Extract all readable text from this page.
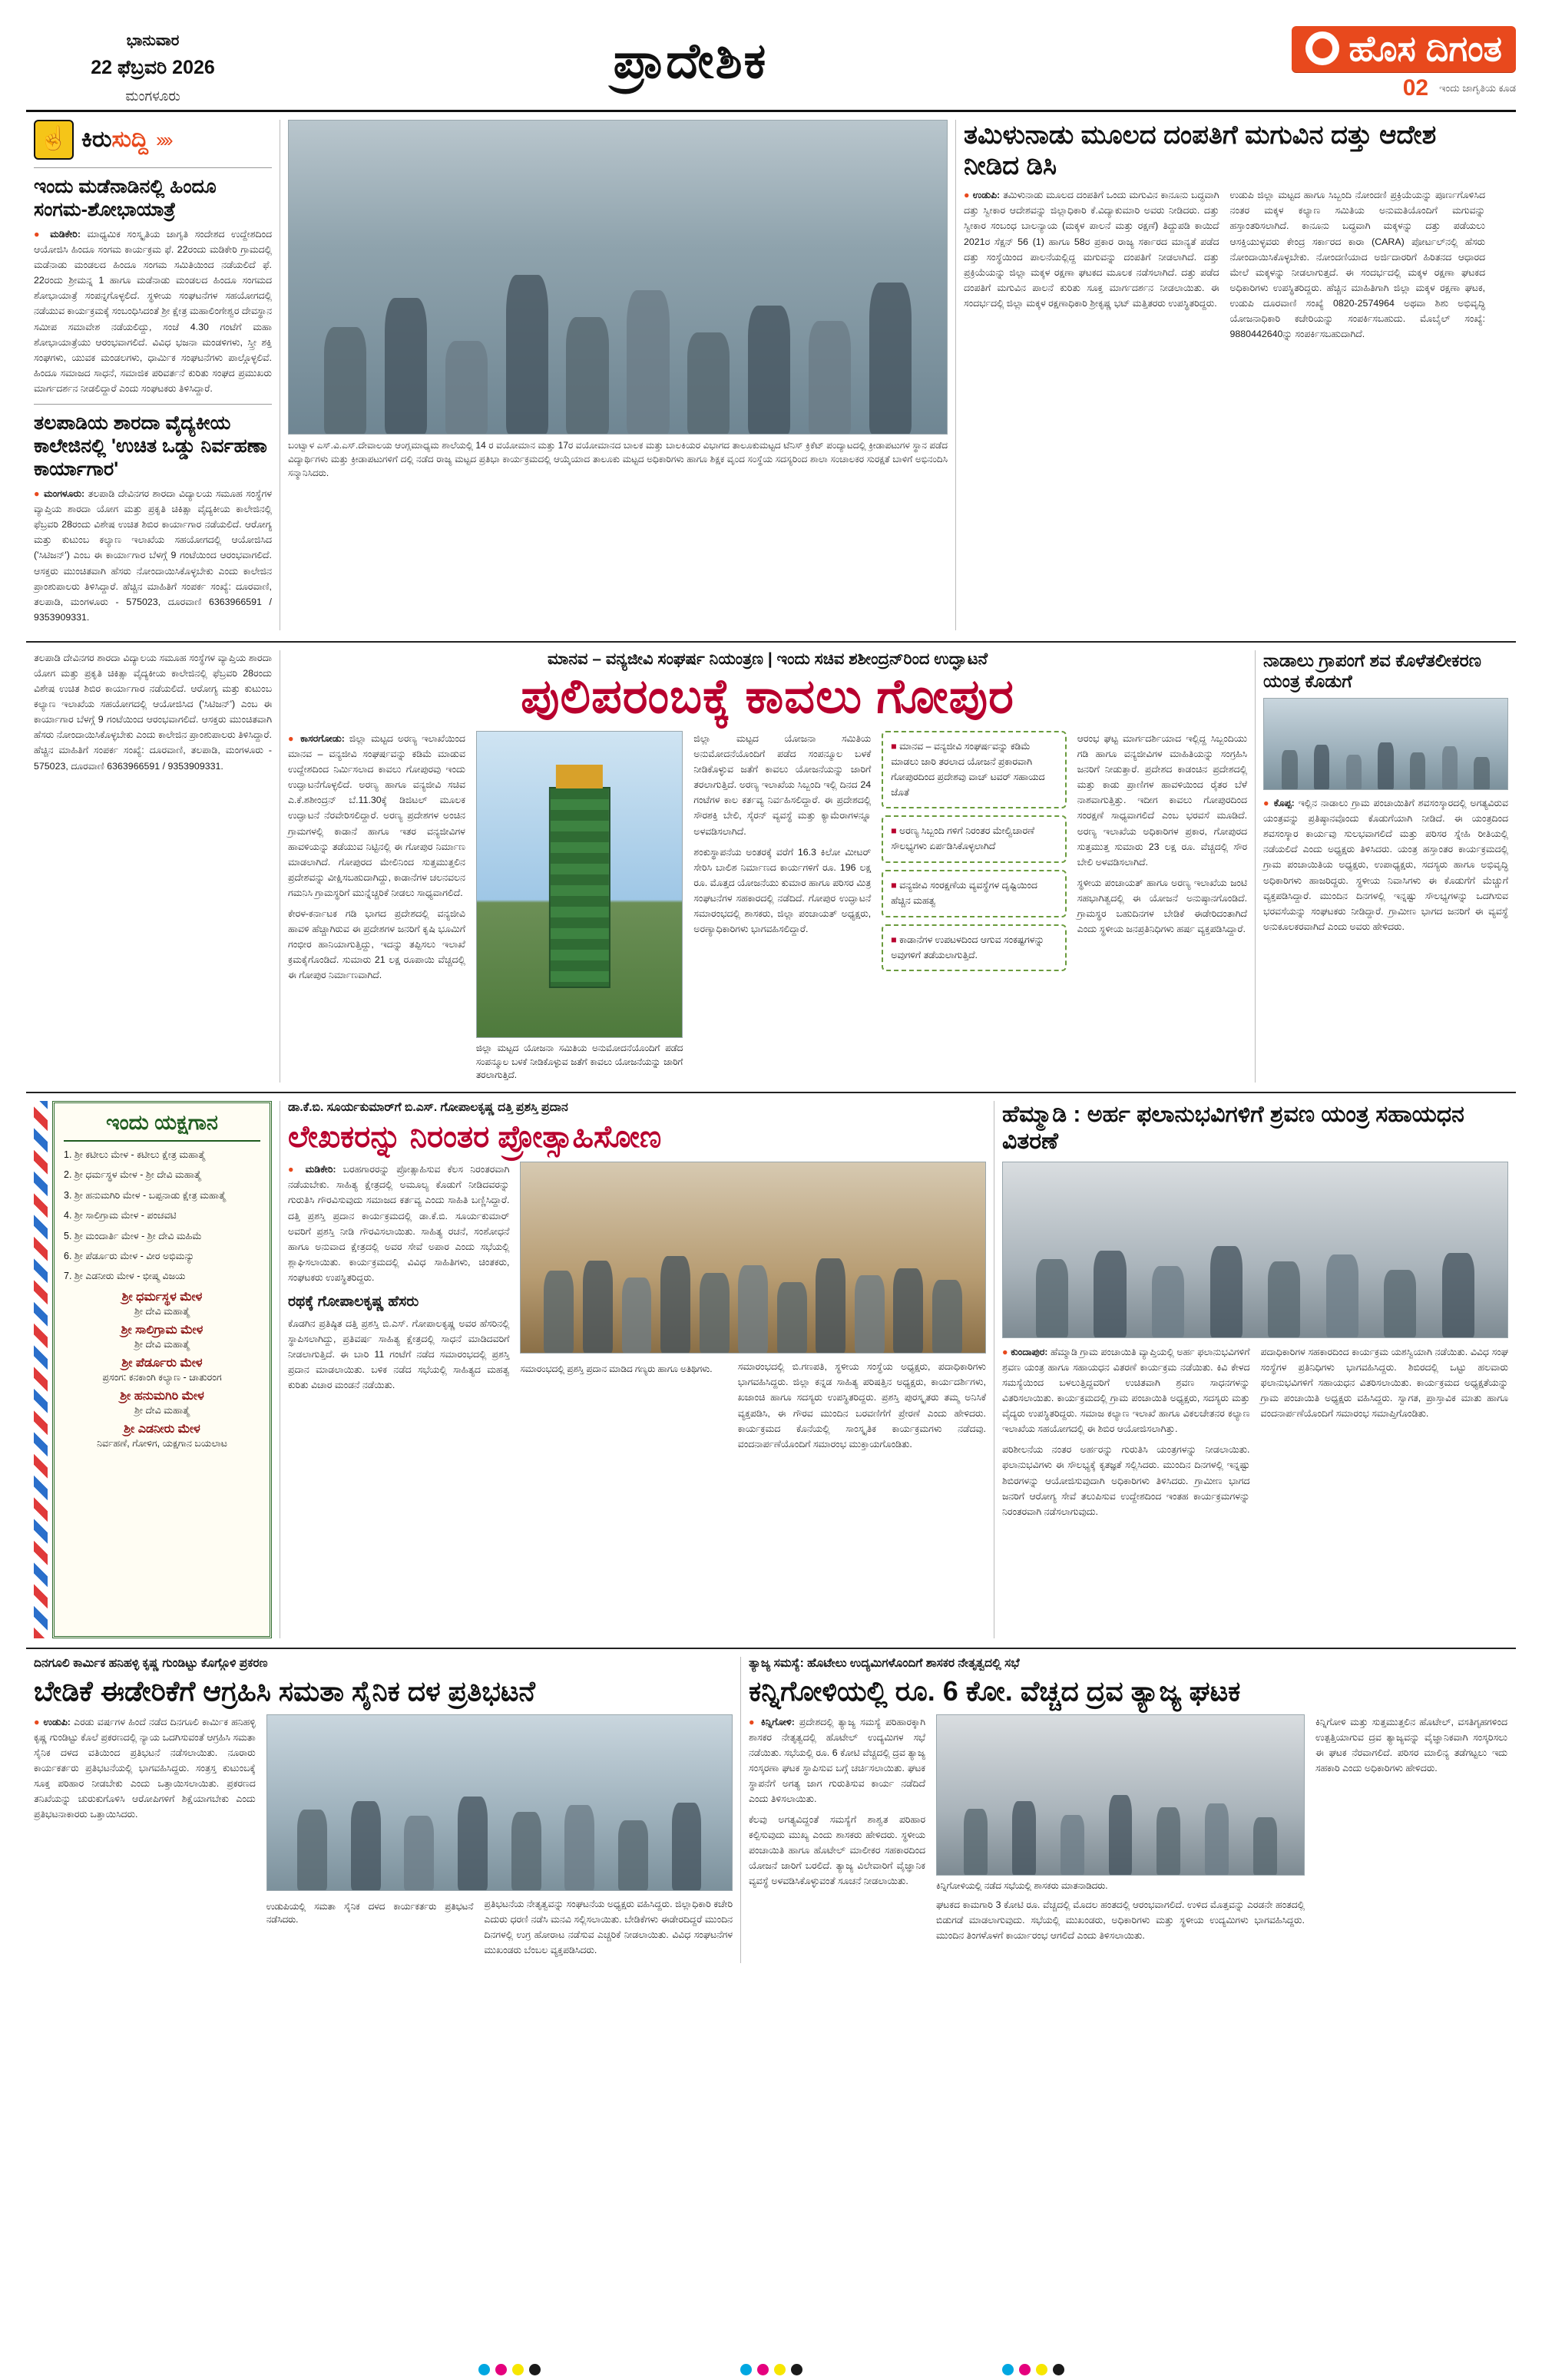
ಭಾನುವಾರ
22 ಫೆಬ್ರವರಿ 2026
ಮಂಗಳೂರು
ಪ್ರಾದೇಶಿಕ	ಹೊಸ ದಿಗಂತ
02 ಇಂದು ಜಾಗೃತಿಯ ಕೂಡ
☝
ಕಿರುಸುದ್ದಿ ››››
ಇಂದು ಮಡೆನಾಡಿನಲ್ಲಿ ಹಿಂದೂ ಸಂಗಮ-ಶೋಭಾಯಾತ್ರೆ

● ಮಡಿಕೇರಿ: ಮಾಧ್ಯಮಿಕ ಸಂಸ್ಕೃತಿಯ ಜಾಗೃತಿ ಸಂದೇಶದ ಉದ್ದೇಶದಿಂದ ಆಯೋಜಿಸಿ ಹಿಂದೂ ಸಂಗಮ ಕಾರ್ಯಕ್ರಮ ಫೆ. 22ರಂದು ಮಡಿಕೇರಿ ಗ್ರಾಮದಲ್ಲಿ ಮಡೆನಾಡು ಮಂಡಲದ ಹಿಂದೂ ಸಂಗಮ ಸಮಿತಿಯಿಂದ ನಡೆಯಲಿದೆ ಫೆ. 22ರಂದು ಶ್ರೀಮನ್ನ 1 ಹಾಗೂ ಮಡೆನಾಡು ಮಂಡಲದ ಹಿಂದೂ ಸಂಗಮದ ಶೋಭಾಯಾತ್ರೆ ಸಂಪನ್ನಗೊಳ್ಳಲಿದೆ. ಸ್ಥಳೀಯ ಸಂಘಟನೆಗಳ ಸಹಯೋಗದಲ್ಲಿ ನಡೆಯುವ ಕಾರ್ಯಕ್ರಮಕ್ಕೆ ಸಂಬಂಧಿಸಿದಂತೆ ಶ್ರೀ ಕ್ಷೇತ್ರ ಮಹಾಲಿಂಗೇಶ್ವರ ದೇವಸ್ಥಾನ ಸಮೀಪ ಸಮಾವೇಶ ನಡೆಯಲಿದ್ದು, ಸಂಜೆ 4.30 ಗಂಟೆಗೆ ಮಹಾ ಶೋಭಾಯಾತ್ರೆಯು ಆರಂಭವಾಗಲಿದೆ. ವಿವಿಧ ಭಜನಾ ಮಂಡಳಿಗಳು, ಸ್ತ್ರೀ ಶಕ್ತಿ ಸಂಘಗಳು, ಯುವಕ ಮಂಡಲಗಳು, ಧಾರ್ಮಿಕ ಸಂಘಟನೆಗಳು ಪಾಲ್ಗೊಳ್ಳಲಿವೆ. ಹಿಂದೂ ಸಮಾಜದ ಸಾಧನೆ, ಸಮಾಜಿಕ ಪರಿವರ್ತನೆ ಕುರಿತು ಸಂಘದ ಪ್ರಮುಖರು ಮಾರ್ಗದರ್ಶನ ನೀಡಲಿದ್ದಾರೆ ಎಂದು ಸಂಘಟಕರು ತಿಳಿಸಿದ್ದಾರೆ.

ತಲಪಾಡಿಯ ಶಾರದಾ ವೈದ್ಯಕೀಯ ಕಾಲೇಜಿನಲ್ಲಿ 'ಉಚಿತ ಒಡ್ಡು ನಿರ್ವಹಣಾ ಕಾರ್ಯಾಗಾರ'

● ಮಂಗಳೂರು: ತಲಪಾಡಿ ದೇವಿನಗರ ಶಾರದಾ ವಿದ್ಯಾಲಯ ಸಮೂಹ ಸಂಸ್ಥೆಗಳ ವ್ಯಾಪ್ತಿಯ ಶಾರದಾ ಯೋಗ ಮತ್ತು ಪ್ರಕೃತಿ ಚಿಕಿತ್ಸಾ ವೈದ್ಯಕೀಯ ಕಾಲೇಜಿನಲ್ಲಿ ಫೆಬ್ರವರಿ 28ರಂದು ವಿಶೇಷ ಉಚಿತ ಶಿಬಿರ ಕಾರ್ಯಾಗಾರ ನಡೆಯಲಿದೆ. ಆರೋಗ್ಯ ಮತ್ತು ಕುಟುಂಬ ಕಲ್ಯಾಣ ಇಲಾಖೆಯ ಸಹಯೋಗದಲ್ಲಿ ಆಯೋಜಿಸಿದ ('ಸಿಟಿಜನ್') ಎಂಬ ಈ ಕಾರ್ಯಾಗಾರ ಬೆಳಗ್ಗೆ 9 ಗಂಟೆಯಿಂದ ಆರಂಭವಾಗಲಿದೆ. ಆಸಕ್ತರು ಮುಂಚಿತವಾಗಿ ಹೆಸರು ನೋಂದಾಯಿಸಿಕೊಳ್ಳಬೇಕು ಎಂದು ಕಾಲೇಜಿನ ಪ್ರಾಂಶುಪಾಲರು ತಿಳಿಸಿದ್ದಾರೆ. ಹೆಚ್ಚಿನ ಮಾಹಿತಿಗೆ ಸಂಪರ್ಕ ಸಂಖ್ಯೆ: ದೂರವಾಣಿ, ತಲಪಾಡಿ, ಮಂಗಳೂರು - 575023, ದೂರವಾಣಿ 6363966591 / 9353909331.

ಬಂಟ್ವಾಳ ಎಸ್.ವಿ.ಎಸ್.ದೇವಾಲಯ ಆಂಗ್ಲಮಾಧ್ಯಮ ಶಾಲೆಯಲ್ಲಿ 14 ರ ವಯೋಮಾನ ಮತ್ತು 17ರ ವಯೋಮಾನದ ಬಾಲಕ ಮತ್ತು ಬಾಲಕಿಯರ ವಿಭಾಗದ ತಾಲೂಕುಮಟ್ಟದ ಟೆನಿಸ್ ಕ್ರಿಕೆಟ್ ಪಂದ್ಯಾಟದಲ್ಲಿ ಕ್ರೀಡಾಪಟುಗಳ ಸ್ಥಾನ ಪಡೆದ ವಿದ್ಯಾರ್ಥಿಗಳು ಮತ್ತು ಕ್ರೀಡಾಪಟುಗಳಿಗೆ ದಲ್ಲಿ ನಡೆದ ರಾಜ್ಯ ಮಟ್ಟದ ಪ್ರತಿಭಾ ಕಾರ್ಯಕ್ರಮದಲ್ಲಿ ಆಯ್ಕೆಯಾದ ತಾಲೂಕು ಮಟ್ಟದ ಅಧಿಕಾರಿಗಳು ಹಾಗೂ ಶಿಕ್ಷಕ ವೃಂದ ಸಂಸ್ಥೆಯ ಸದಸ್ಯರಿಂದ ಶಾಲಾ ಸಂಚಾಲಕರ ಸುರಕ್ಷತೆ ಬಾಳಿಗೆ ಅಭಿನಂದಿಸಿ ಸನ್ಮಾನಿಸಿದರು.
ತಮಿಳುನಾಡು ಮೂಲದ ದಂಪತಿಗೆ ಮಗುವಿನ ದತ್ತು ಆದೇಶ ನೀಡಿದ ಡಿಸಿ

● ಉಡುಪಿ: ತಮಿಳುನಾಡು ಮೂಲದ ದಂಪತಿಗೆ ಒಂದು ಮಗುವಿನ ಕಾನೂನು ಬದ್ಧವಾಗಿ ದತ್ತು ಸ್ವೀಕಾರ ಆದೇಶವನ್ನು ಜಿಲ್ಲಾಧಿಕಾರಿ ಕೆ.ವಿದ್ಯಾಕುಮಾರಿ ಅವರು ನೀಡಿದರು. ದತ್ತು ಸ್ವೀಕಾರ ಸಂಬಂಧ ಬಾಲನ್ಯಾಯ (ಮಕ್ಕಳ ಪಾಲನೆ ಮತ್ತು ರಕ್ಷಣೆ) ತಿದ್ದುಪಡಿ ಕಾಯಿದೆ 2021ರ ಸೆಕ್ಷನ್ 56 (1) ಹಾಗೂ 58ರ ಪ್ರಕಾರ ರಾಜ್ಯ ಸರ್ಕಾರದ ಮಾನ್ಯತೆ ಪಡೆದ ದತ್ತು ಸಂಸ್ಥೆಯಿಂದ ಪಾಲನೆಯಲ್ಲಿದ್ದ ಮಗುವನ್ನು ದಂಪತಿಗೆ ನೀಡಲಾಗಿದೆ. ದತ್ತು ಪ್ರಕ್ರಿಯೆಯನ್ನು ಜಿಲ್ಲಾ ಮಕ್ಕಳ ರಕ್ಷಣಾ ಘಟಕದ ಮೂಲಕ ನಡೆಸಲಾಗಿದೆ. ದತ್ತು ಪಡೆದ ದಂಪತಿಗೆ ಮಗುವಿನ ಪಾಲನೆ ಕುರಿತು ಸೂಕ್ತ ಮಾರ್ಗದರ್ಶನ ನೀಡಲಾಯಿತು. ಈ ಸಂದರ್ಭದಲ್ಲಿ ಜಿಲ್ಲಾ ಮಕ್ಕಳ ರಕ್ಷಣಾಧಿಕಾರಿ ಶ್ರೀಕೃಷ್ಣ ಭಟ್ ಮತ್ತಿತರರು ಉಪಸ್ಥಿತರಿದ್ದರು.

ಉಡುಪಿ ಜಿಲ್ಲಾ ಮಟ್ಟದ ಹಾಗೂ ಸಿಬ್ಬಂದಿ ನೋಂದಣಿ ಪ್ರಕ್ರಿಯೆಯನ್ನು ಪೂರ್ಣಗೊಳಿಸಿದ ನಂತರ ಮಕ್ಕಳ ಕಲ್ಯಾಣ ಸಮಿತಿಯ ಅನುಮತಿಯೊಂದಿಗೆ ಮಗುವನ್ನು ಹಸ್ತಾಂತರಿಸಲಾಗಿದೆ. ಕಾನೂನು ಬದ್ಧವಾಗಿ ಮಕ್ಕಳನ್ನು ದತ್ತು ಪಡೆಯಲು ಆಸಕ್ತಿಯುಳ್ಳವರು ಕೇಂದ್ರ ಸರ್ಕಾರದ ಕಾರಾ (CARA) ಪೋರ್ಟಲ್‌ನಲ್ಲಿ ಹೆಸರು ನೋಂದಾಯಿಸಿಕೊಳ್ಳಬೇಕು. ನೋಂದಣಿಯಾದ ಅರ್ಜಿದಾರರಿಗೆ ಹಿರಿತನದ ಆಧಾರದ ಮೇಲೆ ಮಕ್ಕಳನ್ನು ನೀಡಲಾಗುತ್ತದೆ. ಈ ಸಂದರ್ಭದಲ್ಲಿ ಮಕ್ಕಳ ರಕ್ಷಣಾ ಘಟಕದ ಅಧಿಕಾರಿಗಳು ಉಪಸ್ಥಿತರಿದ್ದರು. ಹೆಚ್ಚಿನ ಮಾಹಿತಿಗಾಗಿ ಜಿಲ್ಲಾ ಮಕ್ಕಳ ರಕ್ಷಣಾ ಘಟಕ, ಉಡುಪಿ ದೂರವಾಣಿ ಸಂಖ್ಯೆ 0820-2574964 ಅಥವಾ ಶಿಶು ಅಭಿವೃದ್ಧಿ ಯೋಜನಾಧಿಕಾರಿ ಕಚೇರಿಯನ್ನು ಸಂಪರ್ಕಿಸಬಹುದು. ಮೊಬೈಲ್ ಸಂಖ್ಯೆ: 9880442640ನ್ನು ಸಂಪರ್ಕಿಸಬಹುದಾಗಿದೆ.

ತಲಪಾಡಿ ದೇವಿನಗರ ಶಾರದಾ ವಿದ್ಯಾಲಯ ಸಮೂಹ ಸಂಸ್ಥೆಗಳ ವ್ಯಾಪ್ತಿಯ ಶಾರದಾ ಯೋಗ ಮತ್ತು ಪ್ರಕೃತಿ ಚಿಕಿತ್ಸಾ ವೈದ್ಯಕೀಯ ಕಾಲೇಜಿನಲ್ಲಿ ಫೆಬ್ರವರಿ 28ರಂದು ವಿಶೇಷ ಉಚಿತ ಶಿಬಿರ ಕಾರ್ಯಾಗಾರ ನಡೆಯಲಿದೆ. ಆರೋಗ್ಯ ಮತ್ತು ಕುಟುಂಬ ಕಲ್ಯಾಣ ಇಲಾಖೆಯ ಸಹಯೋಗದಲ್ಲಿ ಆಯೋಜಿಸಿದ ('ಸಿಟಿಜನ್') ಎಂಬ ಈ ಕಾರ್ಯಾಗಾರ ಬೆಳಗ್ಗೆ 9 ಗಂಟೆಯಿಂದ ಆರಂಭವಾಗಲಿದೆ. ಆಸಕ್ತರು ಮುಂಚಿತವಾಗಿ ಹೆಸರು ನೋಂದಾಯಿಸಿಕೊಳ್ಳಬೇಕು ಎಂದು ಕಾಲೇಜಿನ ಪ್ರಾಂಶುಪಾಲರು ತಿಳಿಸಿದ್ದಾರೆ. ಹೆಚ್ಚಿನ ಮಾಹಿತಿಗೆ ಸಂಪರ್ಕ ಸಂಖ್ಯೆ: ದೂರವಾಣಿ, ತಲಪಾಡಿ, ಮಂಗಳೂರು - 575023, ದೂರವಾಣಿ 6363966591 / 9353909331.

ಮಾನವ – ವನ್ಯಜೀವಿ ಸಂಘರ್ಷ ನಿಯಂತ್ರಣ | ಇಂದು ಸಚಿವ ಶಶೀಂದ್ರನ್‌ರಿಂದ ಉದ್ಘಾಟನೆ
ಪುಲಿಪರಂಬಕ್ಕೆ ಕಾವಲು ಗೋಪುರ

● ಕಾಸರಗೋಡು: ಜಿಲ್ಲಾ ಮಟ್ಟದ ಅರಣ್ಯ ಇಲಾಖೆಯಿಂದ ಮಾನವ – ವನ್ಯಜೀವಿ ಸಂಘರ್ಷವನ್ನು ಕಡಿಮೆ ಮಾಡುವ ಉದ್ದೇಶದಿಂದ ನಿರ್ಮಿಸಲಾದ ಕಾವಲು ಗೋಪುರವು ಇಂದು ಉದ್ಘಾಟನೆಗೊಳ್ಳಲಿದೆ. ಅರಣ್ಯ ಹಾಗೂ ವನ್ಯಜೀವಿ ಸಚಿವ ಎ.ಕೆ.ಶಶೀಂದ್ರನ್ ಬೆ.11.30ಕ್ಕೆ ಡಿಜಿಟಲ್ ಮೂಲಕ ಉದ್ಘಾಟನೆ ನೆರವೇರಿಸಲಿದ್ದಾರೆ. ಅರಣ್ಯ ಪ್ರದೇಶಗಳ ಅಂಚಿನ ಗ್ರಾಮಗಳಲ್ಲಿ ಕಾಡಾನೆ ಹಾಗೂ ಇತರ ವನ್ಯಜೀವಿಗಳ ಹಾವಳಿಯನ್ನು ತಡೆಯುವ ನಿಟ್ಟಿನಲ್ಲಿ ಈ ಗೋಪುರ ನಿರ್ಮಾಣ ಮಾಡಲಾಗಿದೆ. ಗೋಪುರದ ಮೇಲಿನಿಂದ ಸುತ್ತಮುತ್ತಲಿನ ಪ್ರದೇಶವನ್ನು ವೀಕ್ಷಿಸಬಹುದಾಗಿದ್ದು, ಕಾಡಾನೆಗಳ ಚಲನವಲನ ಗಮನಿಸಿ ಗ್ರಾಮಸ್ಥರಿಗೆ ಮುನ್ನೆಚ್ಚರಿಕೆ ನೀಡಲು ಸಾಧ್ಯವಾಗಲಿದೆ.

ಕೇರಳ-ಕರ್ನಾಟಕ ಗಡಿ ಭಾಗದ ಪ್ರದೇಶದಲ್ಲಿ ವನ್ಯಜೀವಿ ಹಾವಳಿ ಹೆಚ್ಚಾಗಿರುವ ಈ ಪ್ರದೇಶಗಳ ಜನರಿಗೆ ಕೃಷಿ ಭೂಮಿಗೆ ಗಂಭೀರ ಹಾನಿಯಾಗುತ್ತಿದ್ದು, ಇದನ್ನು ತಪ್ಪಿಸಲು ಇಲಾಖೆ ಕ್ರಮಕೈಗೊಂಡಿದೆ. ಸುಮಾರು 21 ಲಕ್ಷ ರೂಪಾಯಿ ವೆಚ್ಚದಲ್ಲಿ ಈ ಗೋಪುರ ನಿರ್ಮಾಣವಾಗಿದೆ.

ಜಿಲ್ಲಾ ಮಟ್ಟದ ಯೋಜನಾ ಸಮಿತಿಯ ಅನುಮೋದನೆಯೊಂದಿಗೆ ಪಡೆದ ಸಂಪನ್ಮೂಲ ಬಳಕೆ ನೀಡಿಕೊಳ್ಳುವ ಜತೆಗೆ ಕಾವಲು ಯೋಜನೆಯನ್ನು ಜಾರಿಗೆ ತರಲಾಗುತ್ತಿದೆ.

ಜಿಲ್ಲಾ ಮಟ್ಟದ ಯೋಜನಾ ಸಮಿತಿಯ ಅನುಮೋದನೆಯೊಂದಿಗೆ ಪಡೆದ ಸಂಪನ್ಮೂಲ ಬಳಕೆ ನೀಡಿಕೊಳ್ಳುವ ಜತೆಗೆ ಕಾವಲು ಯೋಜನೆಯನ್ನು ಜಾರಿಗೆ ತರಲಾಗುತ್ತಿದೆ. ಅರಣ್ಯ ಇಲಾಖೆಯ ಸಿಬ್ಬಂದಿ ಇಲ್ಲಿ ದಿನದ 24 ಗಂಟೆಗಳ ಕಾಲ ಕರ್ತವ್ಯ ನಿರ್ವಹಿಸಲಿದ್ದಾರೆ. ಈ ಪ್ರದೇಶದಲ್ಲಿ ಸೌರಶಕ್ತಿ ಬೇಲಿ, ಸೈರನ್ ವ್ಯವಸ್ಥೆ ಮತ್ತು ಕ್ಯಾಮೆರಾಗಳನ್ನೂ ಅಳವಡಿಸಲಾಗಿದೆ.

ಶಂಕುಸ್ಥಾಪನೆಯ ಅಂತರಕ್ಕೆ ವರೆಗೆ 16.3 ಕಿಲೋ ಮೀಟರ್ ಸೇರಿಸಿ ಬಾಲಿಶ ನಿರ್ಮಾಣದ ಕಾರ್ಯಗಳಿಗೆ ರೂ. 196 ಲಕ್ಷ ರೂ. ಮೊತ್ತದ ಯೋಜನೆಯು ಕುಮಾರ ಹಾಗೂ ಪರಿಸರ ಮಿತ್ರ ಸಂಘಟನೆಗಳ ಸಹಕಾರದಲ್ಲಿ ನಡೆದಿದೆ. ಗೋಪುರ ಉದ್ಘಾಟನೆ ಸಮಾರಂಭದಲ್ಲಿ ಶಾಸಕರು, ಜಿಲ್ಲಾ ಪಂಚಾಯತ್ ಅಧ್ಯಕ್ಷರು, ಅರಣ್ಯಾಧಿಕಾರಿಗಳು ಭಾಗವಹಿಸಲಿದ್ದಾರೆ.

■ ಮಾನವ – ವನ್ಯಜೀವಿ ಸಂಘರ್ಷವನ್ನು ಕಡಿಮೆ ಮಾಡಲು ಜಾರಿ ತರಲಾದ ಯೋಜನೆ ಪ್ರಕಾರವಾಗಿ ಗೋಪುರದಿಂದ ಪ್ರದೇಶವು ವಾಚ್ ಟವರ್ ಸಹಾಯದ ಜೊತೆ
■ ಅರಣ್ಯ ಸಿಬ್ಬಂದಿ ಗಳಿಗೆ ನಿರಂತರ ಮೇಲ್ವಿಚಾರಣೆ ಸೌಲಭ್ಯಗಳು ಏರ್ಪಡಿಸಿಕೊಳ್ಳಲಾಗಿದೆ
■ ವನ್ಯಜೀವಿ ಸಂರಕ್ಷಣೆಯ ವ್ಯವಸ್ಥೆಗಳ ದೃಷ್ಟಿಯಿಂದ ಹೆಚ್ಚಿನ ಮಹತ್ವ
■ ಕಾಡಾನೆಗಳ ಉಪಟಳದಿಂದ ಆಗುವ ಸಂಕಷ್ಟಗಳನ್ನು ಅವುಗಳಿಗೆ ತಡೆಯಲಾಗುತ್ತಿದೆ.

ಆರಂಭ ಘಟ್ಟ ಮಾರ್ಗದರ್ಶಿಯಾದ ಇಲ್ಲಿದ್ದ ಸಿಬ್ಬಂದಿಯು ಗಡಿ ಹಾಗೂ ವನ್ಯಜೀವಿಗಳ ಮಾಹಿತಿಯನ್ನು ಸಂಗ್ರಹಿಸಿ ಜನರಿಗೆ ನೀಡುತ್ತಾರೆ. ಪ್ರದೇಶದ ಕಾಡಂಚಿನ ಪ್ರದೇಶದಲ್ಲಿ ಮತ್ತು ಕಾಡು ಪ್ರಾಣಿಗಳ ಹಾವಳಿಯಿಂದ ರೈತರ ಬೆಳೆ ನಾಶವಾಗುತ್ತಿತ್ತು. ಇದೀಗ ಕಾವಲು ಗೋಪುರದಿಂದ ಸಂರಕ್ಷಣೆ ಸಾಧ್ಯವಾಗಲಿದೆ ಎಂಬ ಭರವಸೆ ಮೂಡಿದೆ. ಅರಣ್ಯ ಇಲಾಖೆಯ ಅಧಿಕಾರಿಗಳ ಪ್ರಕಾರ, ಗೋಪುರದ ಸುತ್ತಮುತ್ತ ಸುಮಾರು 23 ಲಕ್ಷ ರೂ. ವೆಚ್ಚದಲ್ಲಿ ಸೌರ ಬೇಲಿ ಅಳವಡಿಸಲಾಗಿದೆ.

ಸ್ಥಳೀಯ ಪಂಚಾಯತ್ ಹಾಗೂ ಅರಣ್ಯ ಇಲಾಖೆಯ ಜಂಟಿ ಸಹಭಾಗಿತ್ವದಲ್ಲಿ ಈ ಯೋಜನೆ ಅನುಷ್ಠಾನಗೊಂಡಿದೆ. ಗ್ರಾಮಸ್ಥರ ಬಹುದಿನಗಳ ಬೇಡಿಕೆ ಈಡೇರಿದಂತಾಗಿದೆ ಎಂದು ಸ್ಥಳೀಯ ಜನಪ್ರತಿನಿಧಿಗಳು ಹರ್ಷ ವ್ಯಕ್ತಪಡಿಸಿದ್ದಾರೆ.

ನಾಡಾಲು ಗ್ರಾಪಂಗೆ ಶವ ಕೊಳೆತಲೀಕರಣ ಯಂತ್ರ ಕೊಡುಗೆ

● ಕೊಪ್ಪ: ಇಲ್ಲಿನ ನಾಡಾಲು ಗ್ರಾಮ ಪಂಚಾಯಿತಿಗೆ ಶವಸಂಸ್ಕಾರದಲ್ಲಿ ಅಗತ್ಯವಿರುವ ಯಂತ್ರವನ್ನು ಪ್ರತಿಷ್ಠಾನವೊಂದು ಕೊಡುಗೆಯಾಗಿ ನೀಡಿದೆ. ಈ ಯಂತ್ರದಿಂದ ಶವಸಂಸ್ಕಾರ ಕಾರ್ಯವು ಸುಲಭವಾಗಲಿದೆ ಮತ್ತು ಪರಿಸರ ಸ್ನೇಹಿ ರೀತಿಯಲ್ಲಿ ನಡೆಯಲಿದೆ ಎಂದು ಅಧ್ಯಕ್ಷರು ತಿಳಿಸಿದರು. ಯಂತ್ರ ಹಸ್ತಾಂತರ ಕಾರ್ಯಕ್ರಮದಲ್ಲಿ ಗ್ರಾಮ ಪಂಚಾಯಿತಿಯ ಅಧ್ಯಕ್ಷರು, ಉಪಾಧ್ಯಕ್ಷರು, ಸದಸ್ಯರು ಹಾಗೂ ಅಭಿವೃದ್ಧಿ ಅಧಿಕಾರಿಗಳು ಹಾಜರಿದ್ದರು. ಸ್ಥಳೀಯ ನಿವಾಸಿಗಳು ಈ ಕೊಡುಗೆಗೆ ಮೆಚ್ಚುಗೆ ವ್ಯಕ್ತಪಡಿಸಿದ್ದಾರೆ. ಮುಂದಿನ ದಿನಗಳಲ್ಲಿ ಇನ್ನಷ್ಟು ಸೌಲಭ್ಯಗಳನ್ನು ಒದಗಿಸುವ ಭರವಸೆಯನ್ನು ಸಂಘಟಕರು ನೀಡಿದ್ದಾರೆ. ಗ್ರಾಮೀಣ ಭಾಗದ ಜನರಿಗೆ ಈ ವ್ಯವಸ್ಥೆ ಅನುಕೂಲಕರವಾಗಿದೆ ಎಂದು ಅವರು ಹೇಳಿದರು.

ಇಂದು ಯಕ್ಷಗಾನ
1. ಶ್ರೀ ಕಟೀಲು ಮೇಳ - ಕಟೀಲು ಕ್ಷೇತ್ರ ಮಹಾತ್ಮೆ
2. ಶ್ರೀ ಧರ್ಮಸ್ಥಳ ಮೇಳ - ಶ್ರೀ ದೇವಿ ಮಹಾತ್ಮೆ
3. ಶ್ರೀ ಹನುಮಗಿರಿ ಮೇಳ - ಬಪ್ಪನಾಡು ಕ್ಷೇತ್ರ ಮಹಾತ್ಮೆ
4. ಶ್ರೀ ಸಾಲಿಗ್ರಾಮ ಮೇಳ - ಪಂಚವಟಿ
5. ಶ್ರೀ ಮಂದಾರ್ತಿ ಮೇಳ - ಶ್ರೀ ದೇವಿ ಮಹಿಮೆ
6. ಶ್ರೀ ಪೆರ್ಡೂರು ಮೇಳ - ವೀರ ಅಭಿಮನ್ಯು
7. ಶ್ರೀ ಎಡನೀರು ಮೇಳ - ಭೀಷ್ಮ ವಿಜಯ
ಶ್ರೀ ಧರ್ಮಸ್ಥಳ ಮೇಳ
ಶ್ರೀ ದೇವಿ ಮಹಾತ್ಮೆ
ಶ್ರೀ ಸಾಲಿಗ್ರಾಮ ಮೇಳ
ಶ್ರೀ ದೇವಿ ಮಹಾತ್ಮೆ
ಶ್ರೀ ಪೆರ್ಡೂರು ಮೇಳ
ಪ್ರಸಂಗ: ಕನಕಾಂಗಿ ಕಲ್ಯಾಣ - ಚಾತುರಂಗ
ಶ್ರೀ ಹನುಮಗಿರಿ ಮೇಳ
ಶ್ರೀ ದೇವಿ ಮಹಾತ್ಮೆ
ಶ್ರೀ ಎಡನೀರು ಮೇಳ
ನಿರ್ವಹಣೆ, ಗೋಳಿಗ, ಯಕ್ಷಗಾನ ಬಯಲಾಟ
ಡಾ.ಕೆ.ಬಿ. ಸೂರ್ಯಕುಮಾರ್‌ಗೆ ಬಿ.ಎಸ್. ಗೋಪಾಲಕೃಷ್ಣ ದತ್ತಿ ಪ್ರಶಸ್ತಿ ಪ್ರದಾನ
ಲೇಖಕರನ್ನು ನಿರಂತರ ಪ್ರೋತ್ಸಾಹಿಸೋಣ

● ಮಡಿಕೇರಿ: ಬರಹಗಾರರನ್ನು ಪ್ರೋತ್ಸಾಹಿಸುವ ಕೆಲಸ ನಿರಂತರವಾಗಿ ನಡೆಯಬೇಕು. ಸಾಹಿತ್ಯ ಕ್ಷೇತ್ರದಲ್ಲಿ ಅಮೂಲ್ಯ ಕೊಡುಗೆ ನೀಡಿದವರನ್ನು ಗುರುತಿಸಿ ಗೌರವಿಸುವುದು ಸಮಾಜದ ಕರ್ತವ್ಯ ಎಂದು ಸಾಹಿತಿ ಬಣ್ಣಿಸಿದ್ದಾರೆ. ದತ್ತಿ ಪ್ರಶಸ್ತಿ ಪ್ರದಾನ ಕಾರ್ಯಕ್ರಮದಲ್ಲಿ ಡಾ.ಕೆ.ಬಿ. ಸೂರ್ಯಕುಮಾರ್ ಅವರಿಗೆ ಪ್ರಶಸ್ತಿ ನೀಡಿ ಗೌರವಿಸಲಾಯಿತು. ಸಾಹಿತ್ಯ ರಚನೆ, ಸಂಶೋಧನೆ ಹಾಗೂ ಅನುವಾದ ಕ್ಷೇತ್ರದಲ್ಲಿ ಅವರ ಸೇವೆ ಅಪಾರ ಎಂದು ಸಭೆಯಲ್ಲಿ ಶ್ಲಾಘಿಸಲಾಯಿತು. ಕಾರ್ಯಕ್ರಮದಲ್ಲಿ ವಿವಿಧ ಸಾಹಿತಿಗಳು, ಚಿಂತಕರು, ಸಂಘಟಕರು ಉಪಸ್ಥಿತರಿದ್ದರು.

ರಥಕ್ಕೆ ಗೋಪಾಲಕೃಷ್ಣ ಹೆಸರು

ಕೊಡಗಿನ ಪ್ರತಿಷ್ಠಿತ ದತ್ತಿ ಪ್ರಶಸ್ತಿ ಬಿ.ಎಸ್. ಗೋಪಾಲಕೃಷ್ಣ ಅವರ ಹೆಸರಿನಲ್ಲಿ ಸ್ಥಾಪಿಸಲಾಗಿದ್ದು, ಪ್ರತಿವರ್ಷ ಸಾಹಿತ್ಯ ಕ್ಷೇತ್ರದಲ್ಲಿ ಸಾಧನೆ ಮಾಡಿದವರಿಗೆ ನೀಡಲಾಗುತ್ತಿದೆ. ಈ ಬಾರಿ 11 ಗಂಟೆಗೆ ನಡೆದ ಸಮಾರಂಭದಲ್ಲಿ ಪ್ರಶಸ್ತಿ ಪ್ರದಾನ ಮಾಡಲಾಯಿತು. ಬಳಿಕ ನಡೆದ ಸಭೆಯಲ್ಲಿ ಸಾಹಿತ್ಯದ ಮಹತ್ವ ಕುರಿತು ವಿಚಾರ ಮಂಡನೆ ನಡೆಯಿತು.

ಸಮಾರಂಭದಲ್ಲಿ ಪ್ರಶಸ್ತಿ ಪ್ರದಾನ ಮಾಡಿದ ಗಣ್ಯರು ಹಾಗೂ ಅತಿಥಿಗಳು.	ಸಮಾರಂಭದಲ್ಲಿ ಬಿ.ಗಣಪತಿ, ಸ್ಥಳೀಯ ಸಂಸ್ಥೆಯ ಅಧ್ಯಕ್ಷರು, ಪದಾಧಿಕಾರಿಗಳು ಭಾಗವಹಿಸಿದ್ದರು. ಜಿಲ್ಲಾ ಕನ್ನಡ ಸಾಹಿತ್ಯ ಪರಿಷತ್ತಿನ ಅಧ್ಯಕ್ಷರು, ಕಾರ್ಯದರ್ಶಿಗಳು, ಖಜಾಂಚಿ ಹಾಗೂ ಸದಸ್ಯರು ಉಪಸ್ಥಿತರಿದ್ದರು. ಪ್ರಶಸ್ತಿ ಪುರಸ್ಕೃತರು ತಮ್ಮ ಅನಿಸಿಕೆ ವ್ಯಕ್ತಪಡಿಸಿ, ಈ ಗೌರವ ಮುಂದಿನ ಬರವಣಿಗೆಗೆ ಪ್ರೇರಣೆ ಎಂದು ಹೇಳಿದರು. ಕಾರ್ಯಕ್ರಮದ ಕೊನೆಯಲ್ಲಿ ಸಾಂಸ್ಕೃತಿಕ ಕಾರ್ಯಕ್ರಮಗಳು ನಡೆದವು. ವಂದನಾರ್ಪಣೆಯೊಂದಿಗೆ ಸಮಾರಂಭ ಮುಕ್ತಾಯಗೊಂಡಿತು.

ಹೆಮ್ಮಾಡಿ : ಅರ್ಹ ಫಲಾನುಭವಿಗಳಿಗೆ ಶ್ರವಣ ಯಂತ್ರ ಸಹಾಯಧನ ವಿತರಣೆ

● ಕುಂದಾಪುರ: ಹೆಮ್ಮಾಡಿ ಗ್ರಾಮ ಪಂಚಾಯಿತಿ ವ್ಯಾಪ್ತಿಯಲ್ಲಿ ಅರ್ಹ ಫಲಾನುಭವಿಗಳಿಗೆ ಶ್ರವಣ ಯಂತ್ರ ಹಾಗೂ ಸಹಾಯಧನ ವಿತರಣೆ ಕಾರ್ಯಕ್ರಮ ನಡೆಯಿತು. ಕಿವಿ ಕೇಳದ ಸಮಸ್ಯೆಯಿಂದ ಬಳಲುತ್ತಿದ್ದವರಿಗೆ ಉಚಿತವಾಗಿ ಶ್ರವಣ ಸಾಧನಗಳನ್ನು ವಿತರಿಸಲಾಯಿತು. ಕಾರ್ಯಕ್ರಮದಲ್ಲಿ ಗ್ರಾಮ ಪಂಚಾಯಿತಿ ಅಧ್ಯಕ್ಷರು, ಸದಸ್ಯರು ಮತ್ತು ವೈದ್ಯರು ಉಪಸ್ಥಿತರಿದ್ದರು. ಸಮಾಜ ಕಲ್ಯಾಣ ಇಲಾಖೆ ಹಾಗೂ ವಿಕಲಚೇತನರ ಕಲ್ಯಾಣ ಇಲಾಖೆಯ ಸಹಯೋಗದಲ್ಲಿ ಈ ಶಿಬಿರ ಆಯೋಜಿಸಲಾಗಿತ್ತು.

ಪರಿಶೀಲನೆಯ ನಂತರ ಅರ್ಹರನ್ನು ಗುರುತಿಸಿ ಯಂತ್ರಗಳನ್ನು ನೀಡಲಾಯಿತು. ಫಲಾನುಭವಿಗಳು ಈ ಸೌಲಭ್ಯಕ್ಕೆ ಕೃತಜ್ಞತೆ ಸಲ್ಲಿಸಿದರು. ಮುಂದಿನ ದಿನಗಳಲ್ಲಿ ಇನ್ನಷ್ಟು ಶಿಬಿರಗಳನ್ನು ಆಯೋಜಿಸುವುದಾಗಿ ಅಧಿಕಾರಿಗಳು ತಿಳಿಸಿದರು. ಗ್ರಾಮೀಣ ಭಾಗದ ಜನರಿಗೆ ಆರೋಗ್ಯ ಸೇವೆ ತಲುಪಿಸುವ ಉದ್ದೇಶದಿಂದ ಇಂತಹ ಕಾರ್ಯಕ್ರಮಗಳನ್ನು ನಿರಂತರವಾಗಿ ನಡೆಸಲಾಗುವುದು.

ಪದಾಧಿಕಾರಿಗಳ ಸಹಕಾರದಿಂದ ಕಾರ್ಯಕ್ರಮ ಯಶಸ್ವಿಯಾಗಿ ನಡೆಯಿತು. ವಿವಿಧ ಸಂಘ ಸಂಸ್ಥೆಗಳ ಪ್ರತಿನಿಧಿಗಳು ಭಾಗವಹಿಸಿದ್ದರು. ಶಿಬಿರದಲ್ಲಿ ಒಟ್ಟು ಹಲವಾರು ಫಲಾನುಭವಿಗಳಿಗೆ ಸಹಾಯಧನ ವಿತರಿಸಲಾಯಿತು. ಕಾರ್ಯಕ್ರಮದ ಅಧ್ಯಕ್ಷತೆಯನ್ನು ಗ್ರಾಮ ಪಂಚಾಯಿತಿ ಅಧ್ಯಕ್ಷರು ವಹಿಸಿದ್ದರು. ಸ್ವಾಗತ, ಪ್ರಾಸ್ತಾವಿಕ ಮಾತು ಹಾಗೂ ವಂದನಾರ್ಪಣೆಯೊಂದಿಗೆ ಸಮಾರಂಭ ಸಮಾಪ್ತಿಗೊಂಡಿತು.

ದಿನಗೂಲಿ ಕಾರ್ಮಿಕ ಹನಿಹಳ್ಳಿ ಕೃಷ್ಣ ಗುಂಡಿಟ್ಟು ಕೊಗ್ಗೊಳಿ ಪ್ರಕರಣ
ಬೇಡಿಕೆ ಈಡೇರಿಕೆಗೆ ಆಗ್ರಹಿಸಿ ಸಮತಾ ಸೈನಿಕ ದಳ ಪ್ರತಿಭಟನೆ

● ಉಡುಪಿ: ಎರಡು ವರ್ಷಗಳ ಹಿಂದೆ ನಡೆದ ದಿನಗೂಲಿ ಕಾರ್ಮಿಕ ಹನಿಹಳ್ಳಿ ಕೃಷ್ಣ ಗುಂಡಿಟ್ಟು ಕೊಲೆ ಪ್ರಕರಣದಲ್ಲಿ ನ್ಯಾಯ ಒದಗಿಸುವಂತೆ ಆಗ್ರಹಿಸಿ ಸಮತಾ ಸೈನಿಕ ದಳದ ವತಿಯಿಂದ ಪ್ರತಿಭಟನೆ ನಡೆಸಲಾಯಿತು. ನೂರಾರು ಕಾರ್ಯಕರ್ತರು ಪ್ರತಿಭಟನೆಯಲ್ಲಿ ಭಾಗವಹಿಸಿದ್ದರು. ಸಂತ್ರಸ್ತ ಕುಟುಂಬಕ್ಕೆ ಸೂಕ್ತ ಪರಿಹಾರ ನೀಡಬೇಕು ಎಂದು ಒತ್ತಾಯಿಸಲಾಯಿತು. ಪ್ರಕರಣದ ತನಿಖೆಯನ್ನು ಚುರುಕುಗೊಳಿಸಿ ಆರೋಪಿಗಳಿಗೆ ಶಿಕ್ಷೆಯಾಗಬೇಕು ಎಂದು ಪ್ರತಿಭಟನಾಕಾರರು ಒತ್ತಾಯಿಸಿದರು.

ಉಡುಪಿಯಲ್ಲಿ ಸಮತಾ ಸೈನಿಕ ದಳದ ಕಾರ್ಯಕರ್ತರು ಪ್ರತಿಭಟನೆ ನಡೆಸಿದರು.

ಪ್ರತಿಭಟನೆಯ ನೇತೃತ್ವವನ್ನು ಸಂಘಟನೆಯ ಅಧ್ಯಕ್ಷರು ವಹಿಸಿದ್ದರು. ಜಿಲ್ಲಾಧಿಕಾರಿ ಕಚೇರಿ ಎದುರು ಧರಣಿ ನಡೆಸಿ ಮನವಿ ಸಲ್ಲಿಸಲಾಯಿತು. ಬೇಡಿಕೆಗಳು ಈಡೇರದಿದ್ದರೆ ಮುಂದಿನ ದಿನಗಳಲ್ಲಿ ಉಗ್ರ ಹೋರಾಟ ನಡೆಸುವ ಎಚ್ಚರಿಕೆ ನೀಡಲಾಯಿತು. ವಿವಿಧ ಸಂಘಟನೆಗಳ ಮುಖಂಡರು ಬೆಂಬಲ ವ್ಯಕ್ತಪಡಿಸಿದರು.

ತ್ಯಾಜ್ಯ ಸಮಸ್ಯೆ: ಹೊಟೇಲು ಉದ್ಯಮಿಗಳೊಂದಿಗೆ ಶಾಸಕರ ನೇತೃತ್ವದಲ್ಲಿ ಸಭೆ
ಕನ್ನಿಗೋಳಿಯಲ್ಲಿ ರೂ. 6 ಕೋ. ವೆಚ್ಚದ ದ್ರವ ತ್ಯಾಜ್ಯ ಘಟಕ

● ಕಿನ್ನಿಗೋಳಿ: ಪ್ರದೇಶದಲ್ಲಿ ತ್ಯಾಜ್ಯ ಸಮಸ್ಯೆ ಪರಿಹಾರಕ್ಕಾಗಿ ಶಾಸಕರ ನೇತೃತ್ವದಲ್ಲಿ ಹೊಟೇಲ್ ಉದ್ಯಮಿಗಳ ಸಭೆ ನಡೆಯಿತು. ಸಭೆಯಲ್ಲಿ ರೂ. 6 ಕೋಟಿ ವೆಚ್ಚದಲ್ಲಿ ದ್ರವ ತ್ಯಾಜ್ಯ ಸಂಸ್ಕರಣಾ ಘಟಕ ಸ್ಥಾಪಿಸುವ ಬಗ್ಗೆ ಚರ್ಚಿಸಲಾಯಿತು. ಘಟಕ ಸ್ಥಾಪನೆಗೆ ಅಗತ್ಯ ಜಾಗ ಗುರುತಿಸುವ ಕಾರ್ಯ ನಡೆದಿದೆ ಎಂದು ತಿಳಿಸಲಾಯಿತು.

ಕೆಲವು ಅಗತ್ಯವಿದ್ದಂತೆ ಸಮಸ್ಯೆಗೆ ಶಾಶ್ವತ ಪರಿಹಾರ ಕಲ್ಪಿಸುವುದು ಮುಖ್ಯ ಎಂದು ಶಾಸಕರು ಹೇಳಿದರು. ಸ್ಥಳೀಯ ಪಂಚಾಯಿತಿ ಹಾಗೂ ಹೊಟೇಲ್ ಮಾಲೀಕರ ಸಹಕಾರದಿಂದ ಯೋಜನೆ ಜಾರಿಗೆ ಬರಲಿದೆ. ತ್ಯಾಜ್ಯ ವಿಲೇವಾರಿಗೆ ವೈಜ್ಞಾನಿಕ ವ್ಯವಸ್ಥೆ ಅಳವಡಿಸಿಕೊಳ್ಳುವಂತೆ ಸೂಚನೆ ನೀಡಲಾಯಿತು.	ಕಿನ್ನಿಗೋಳಿಯಲ್ಲಿ ನಡೆದ ಸಭೆಯಲ್ಲಿ ಶಾಸಕರು ಮಾತನಾಡಿದರು.

ಘಟಕದ ಕಾಮಗಾರಿ 3 ಕೋಟಿ ರೂ. ವೆಚ್ಚದಲ್ಲಿ ಮೊದಲ ಹಂತದಲ್ಲಿ ಆರಂಭವಾಗಲಿದೆ. ಉಳಿದ ಮೊತ್ತವನ್ನು ಎರಡನೇ ಹಂತದಲ್ಲಿ ಬಿಡುಗಡೆ ಮಾಡಲಾಗುವುದು. ಸಭೆಯಲ್ಲಿ ಮುಖಂಡರು, ಅಧಿಕಾರಿಗಳು ಮತ್ತು ಸ್ಥಳೀಯ ಉದ್ಯಮಿಗಳು ಭಾಗವಹಿಸಿದ್ದರು. ಮುಂದಿನ ತಿಂಗಳೊಳಗೆ ಕಾರ್ಯಾರಂಭ ಆಗಲಿದೆ ಎಂದು ತಿಳಿಸಲಾಯಿತು.

ಕಿನ್ನಿಗೋಳಿ ಮತ್ತು ಸುತ್ತಮುತ್ತಲಿನ ಹೊಟೇಲ್, ವಸತಿಗೃಹಗಳಿಂದ ಉತ್ಪತ್ತಿಯಾಗುವ ದ್ರವ ತ್ಯಾಜ್ಯವನ್ನು ವೈಜ್ಞಾನಿಕವಾಗಿ ಸಂಸ್ಕರಿಸಲು ಈ ಘಟಕ ನೆರವಾಗಲಿದೆ. ಪರಿಸರ ಮಾಲಿನ್ಯ ತಡೆಗಟ್ಟಲು ಇದು ಸಹಕಾರಿ ಎಂದು ಅಧಿಕಾರಿಗಳು ಹೇಳಿದರು.
